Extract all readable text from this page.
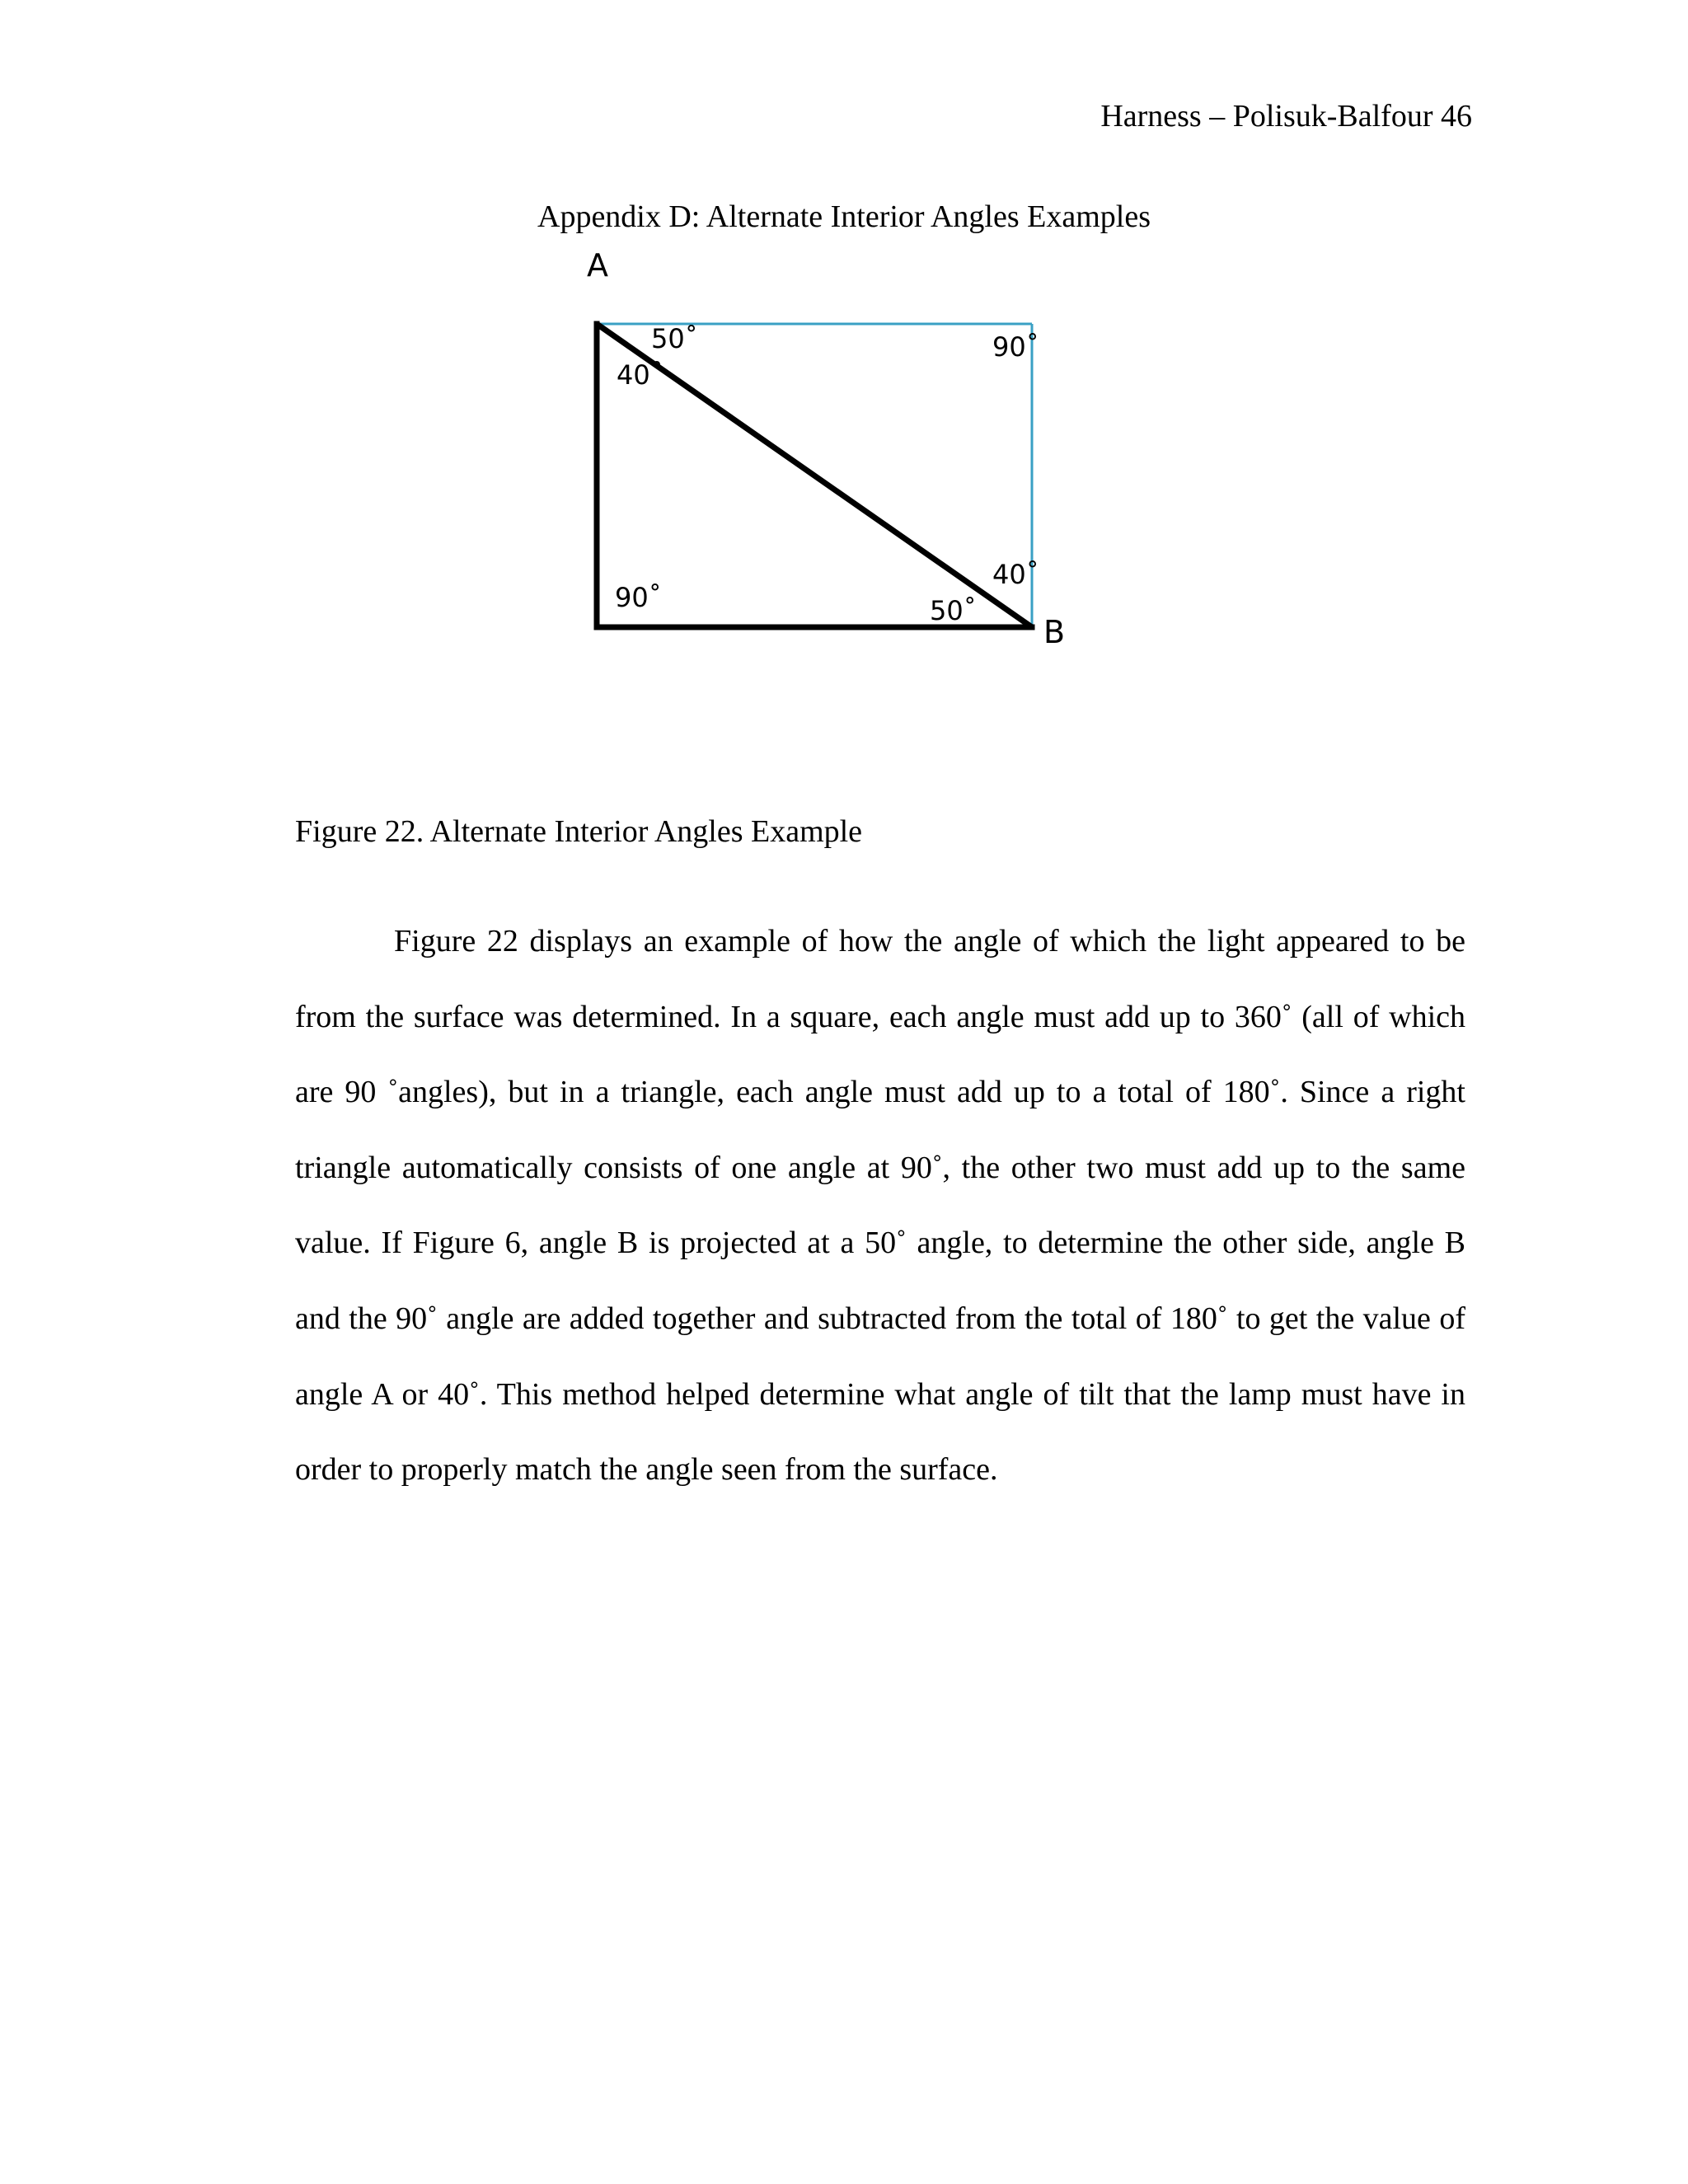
Harness – Polisuk-Balfour 46
Appendix D: Alternate Interior Angles Examples
A
B
50˚
40˚
90˚
90˚
40˚
50˚
Figure 22. Alternate Interior Angles Example

Figure 22 displays an example of how the angle of which the light appeared to be from the surface was determined. In a square, each angle must add up to 360˚ (all of which are 90 ˚angles), but in a triangle, each angle must add up to a total of 180˚. Since a right triangle automatically consists of one angle at 90˚, the other two must add up to the same value. If Figure 6, angle B is projected at a 50˚ angle, to determine the other side, angle B and the 90˚ angle are added together and subtracted from the total of 180˚ to get the value of angle A or 40˚. This method helped determine what angle of tilt that the lamp must have in order to properly match the angle seen from the surface.
